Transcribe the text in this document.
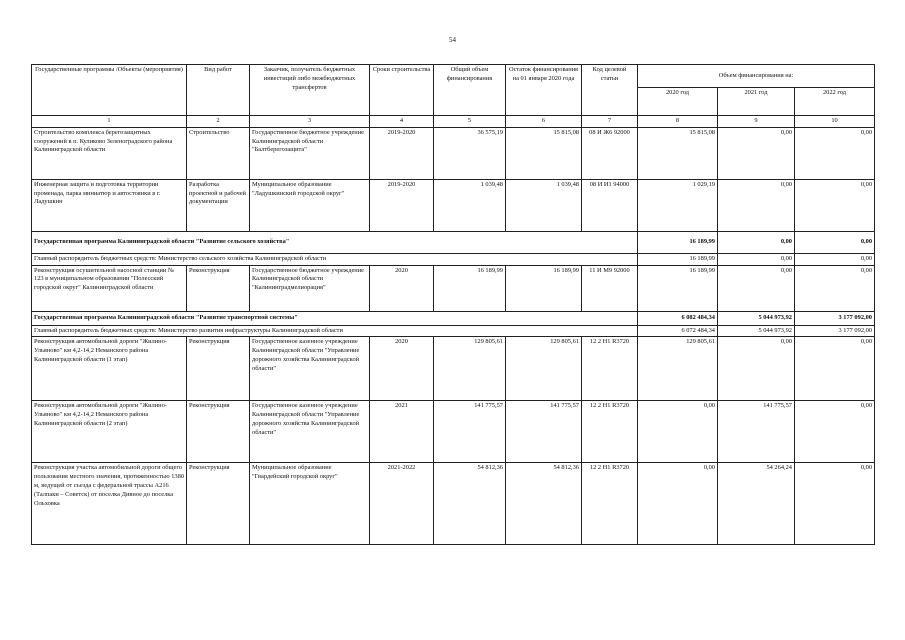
54
Государственные программы /Объекты (мероприятия)	Вид работ	Заказчик, получатель бюджетных инвестиций либо межбюджетных трансфертов	Сроки строительства	Общий объем финансирования	Остаток финансирования на 01 января 2020 года	Код целевой статьи	Объем финансирования на:		
							2020 год	2021 год	2022 год
1	2	3	4	5	6	7	8	9	10
Строительство комплекса берегозащитных сооружений в п. Куликово Зеленоградского района Калининградской области	Строительство	Государственное бюджетное учреждение Калининградской области "Балтберегозащита"	2019-2020	36 575,19	15 815,08	08 И Ж6 92000	15 815,08	0,00	0,00
Инженерная защита и подготовка территории променада, парка миниатюр и автостоянки в г. Ладушкин	Разработка проектной и рабочей документации	Муниципальное образование "Ладушкинский городской округ"	2019-2020	1 039,48	1 039,48	08 И И1 94000	1 029,19	0,00	0,00
Государственная программа Калининградской области "Развитие сельского хозяйства"							16 189,99	0,00	0,00
Главный распорядитель бюджетных средств: Министерство сельского хозяйства Калининградской области							16 189,99	0,00	0,00
Реконструкция осушительной насосной станции № 123 в муниципальном образовании "Полесский городской округ" Калининградской области	Реконструкция	Государственное бюджетное учреждение Калининградской области "Калининградмелиорация"	2020	16 189,99	16 189,99	11 И М9 92000	16 189,99	0,00	0,00
Государственная программа Калининградской области "Развитие транспортной системы"							6 082 484,34	5 044 973,92	3 177 092,00
Главный распорядитель бюджетных средств: Министерство развития инфраструктуры Калининградской области							6 072 484,34	5 044 973,92	3 177 092,00
Реконструкция автомобильной дороги "Жилино-Ульяново" км 4,2-14,2 Неманского района Калининградской области (1 этап)	Реконструкция	Государственное казенное учреждение Калининградской области "Управление дорожного хозяйства Калининградской области"	2020	129 805,61	129 805,61	12 2 Н1 R3720	129 805,61	0,00	0,00
Реконструкция автомобильной дороги "Жилино-Ульяново" км 4,2-14,2 Неманского района Калининградской области (2 этап)	Реконструкция	Государственное казенное учреждение Калининградской области "Управление дорожного хозяйства Калининградской области"	2021	141 775,57	141 775,57	12 2 Н1 R3720	0,00	141 775,57	0,00
Реконструкция участка автомобильной дороги общего пользования местного значения, протяженностью 1380 м, ведущей от съезда с федеральной трассы А216 (Талпаки – Советск) от поселка Дивное до поселка Ольховка	Реконструкция	Муниципальное образование "Гвардейский городской округ"	2021-2022	54 812,36	54 812,36	12 2 Н1 R3720	0,00	54 264,24	0,00
